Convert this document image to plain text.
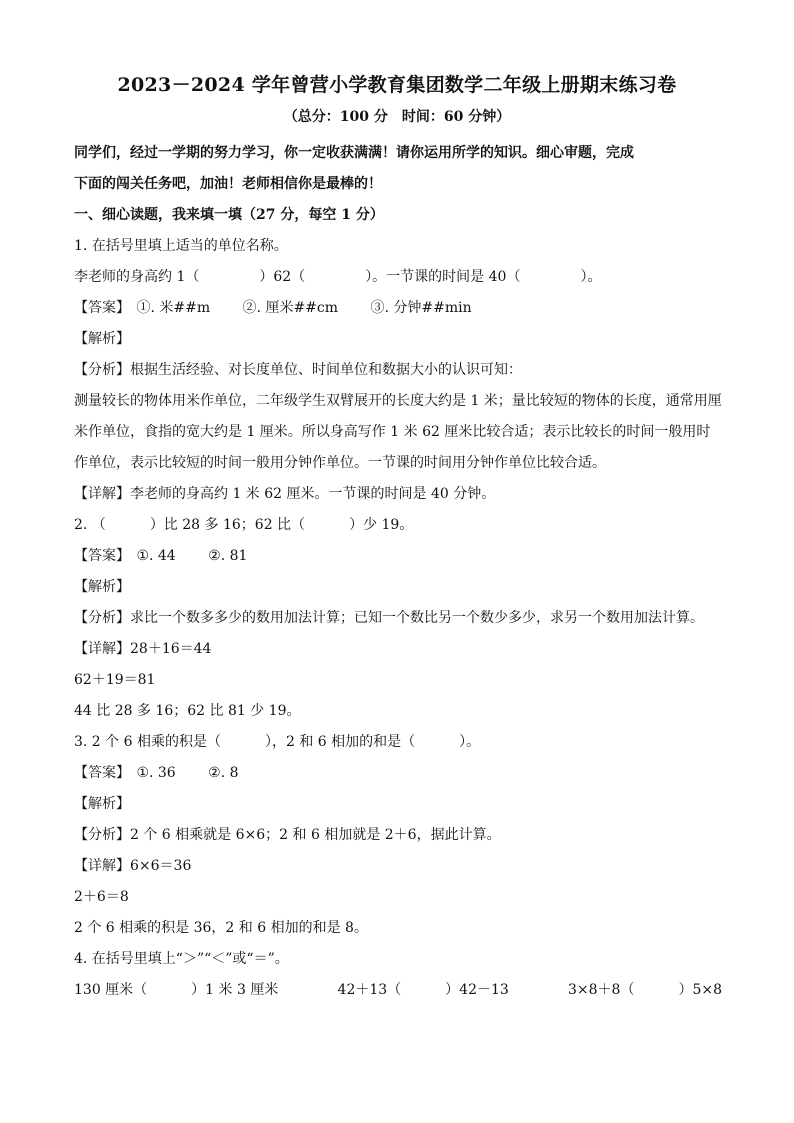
2023－2024 学年曾营小学教育集团数学二年级上册期末练习卷
（总分：100 分　时间：60 分钟）
同学们，经过一学期的努力学习，你一定收获满满！请你运用所学的知识。细心审题，完成
下面的闯关任务吧，加油！老师相信你是最棒的！
一、细心读题，我来填一填（27 分，每空 1 分）
1. 在括号里填上适当的单位名称。
李老师的身高约 1（	）62（	）。一节课的时间是 40（	）。
【答案】 ①. 米##m ②. 厘米##cm ③. 分钟##min
【解析】
【分析】根据生活经验、对长度单位、时间单位和数据大小的认识可知：
测量较长的物体用米作单位，二年级学生双臂展开的长度大约是 1 米；量比较短的物体的长度，通常用厘米作单位，食指的宽大约是 1 厘米。所以身高写作 1 米 62 厘米比较合适；表示比较长的时间一般用时作单位，表示比较短的时间一般用分钟作单位。一节课的时间用分钟作单位比较合适。
【详解】李老师的身高约 1 米 62 厘米。一节课的时间是 40 分钟。
2. （	）比 28 多 16；62 比（	）少 19。
【答案】 ①. 44 ②. 81
【解析】
【分析】求比一个数多多少的数用加法计算；已知一个数比另一个数少多少，求另一个数用加法计算。
【详解】28＋16＝44
62＋19＝81
44 比 28 多 16；62 比 81 少 19。
3. 2 个 6 相乘的积是（	），2 和 6 相加的和是（	）。
【答案】 ①. 36 ②. 8
【解析】
【分析】2 个 6 相乘就是 6×6；2 和 6 相加就是 2＋6，据此计算。
【详解】6×6＝36
2＋6＝8
2 个 6 相乘的积是 36，2 和 6 相加的和是 8。
4. 在括号里填上“＞”“＜”或“＝”。
130 厘米（	）1 米 3 厘米	42＋13（	）42－13	3×8＋8（	）5×8
